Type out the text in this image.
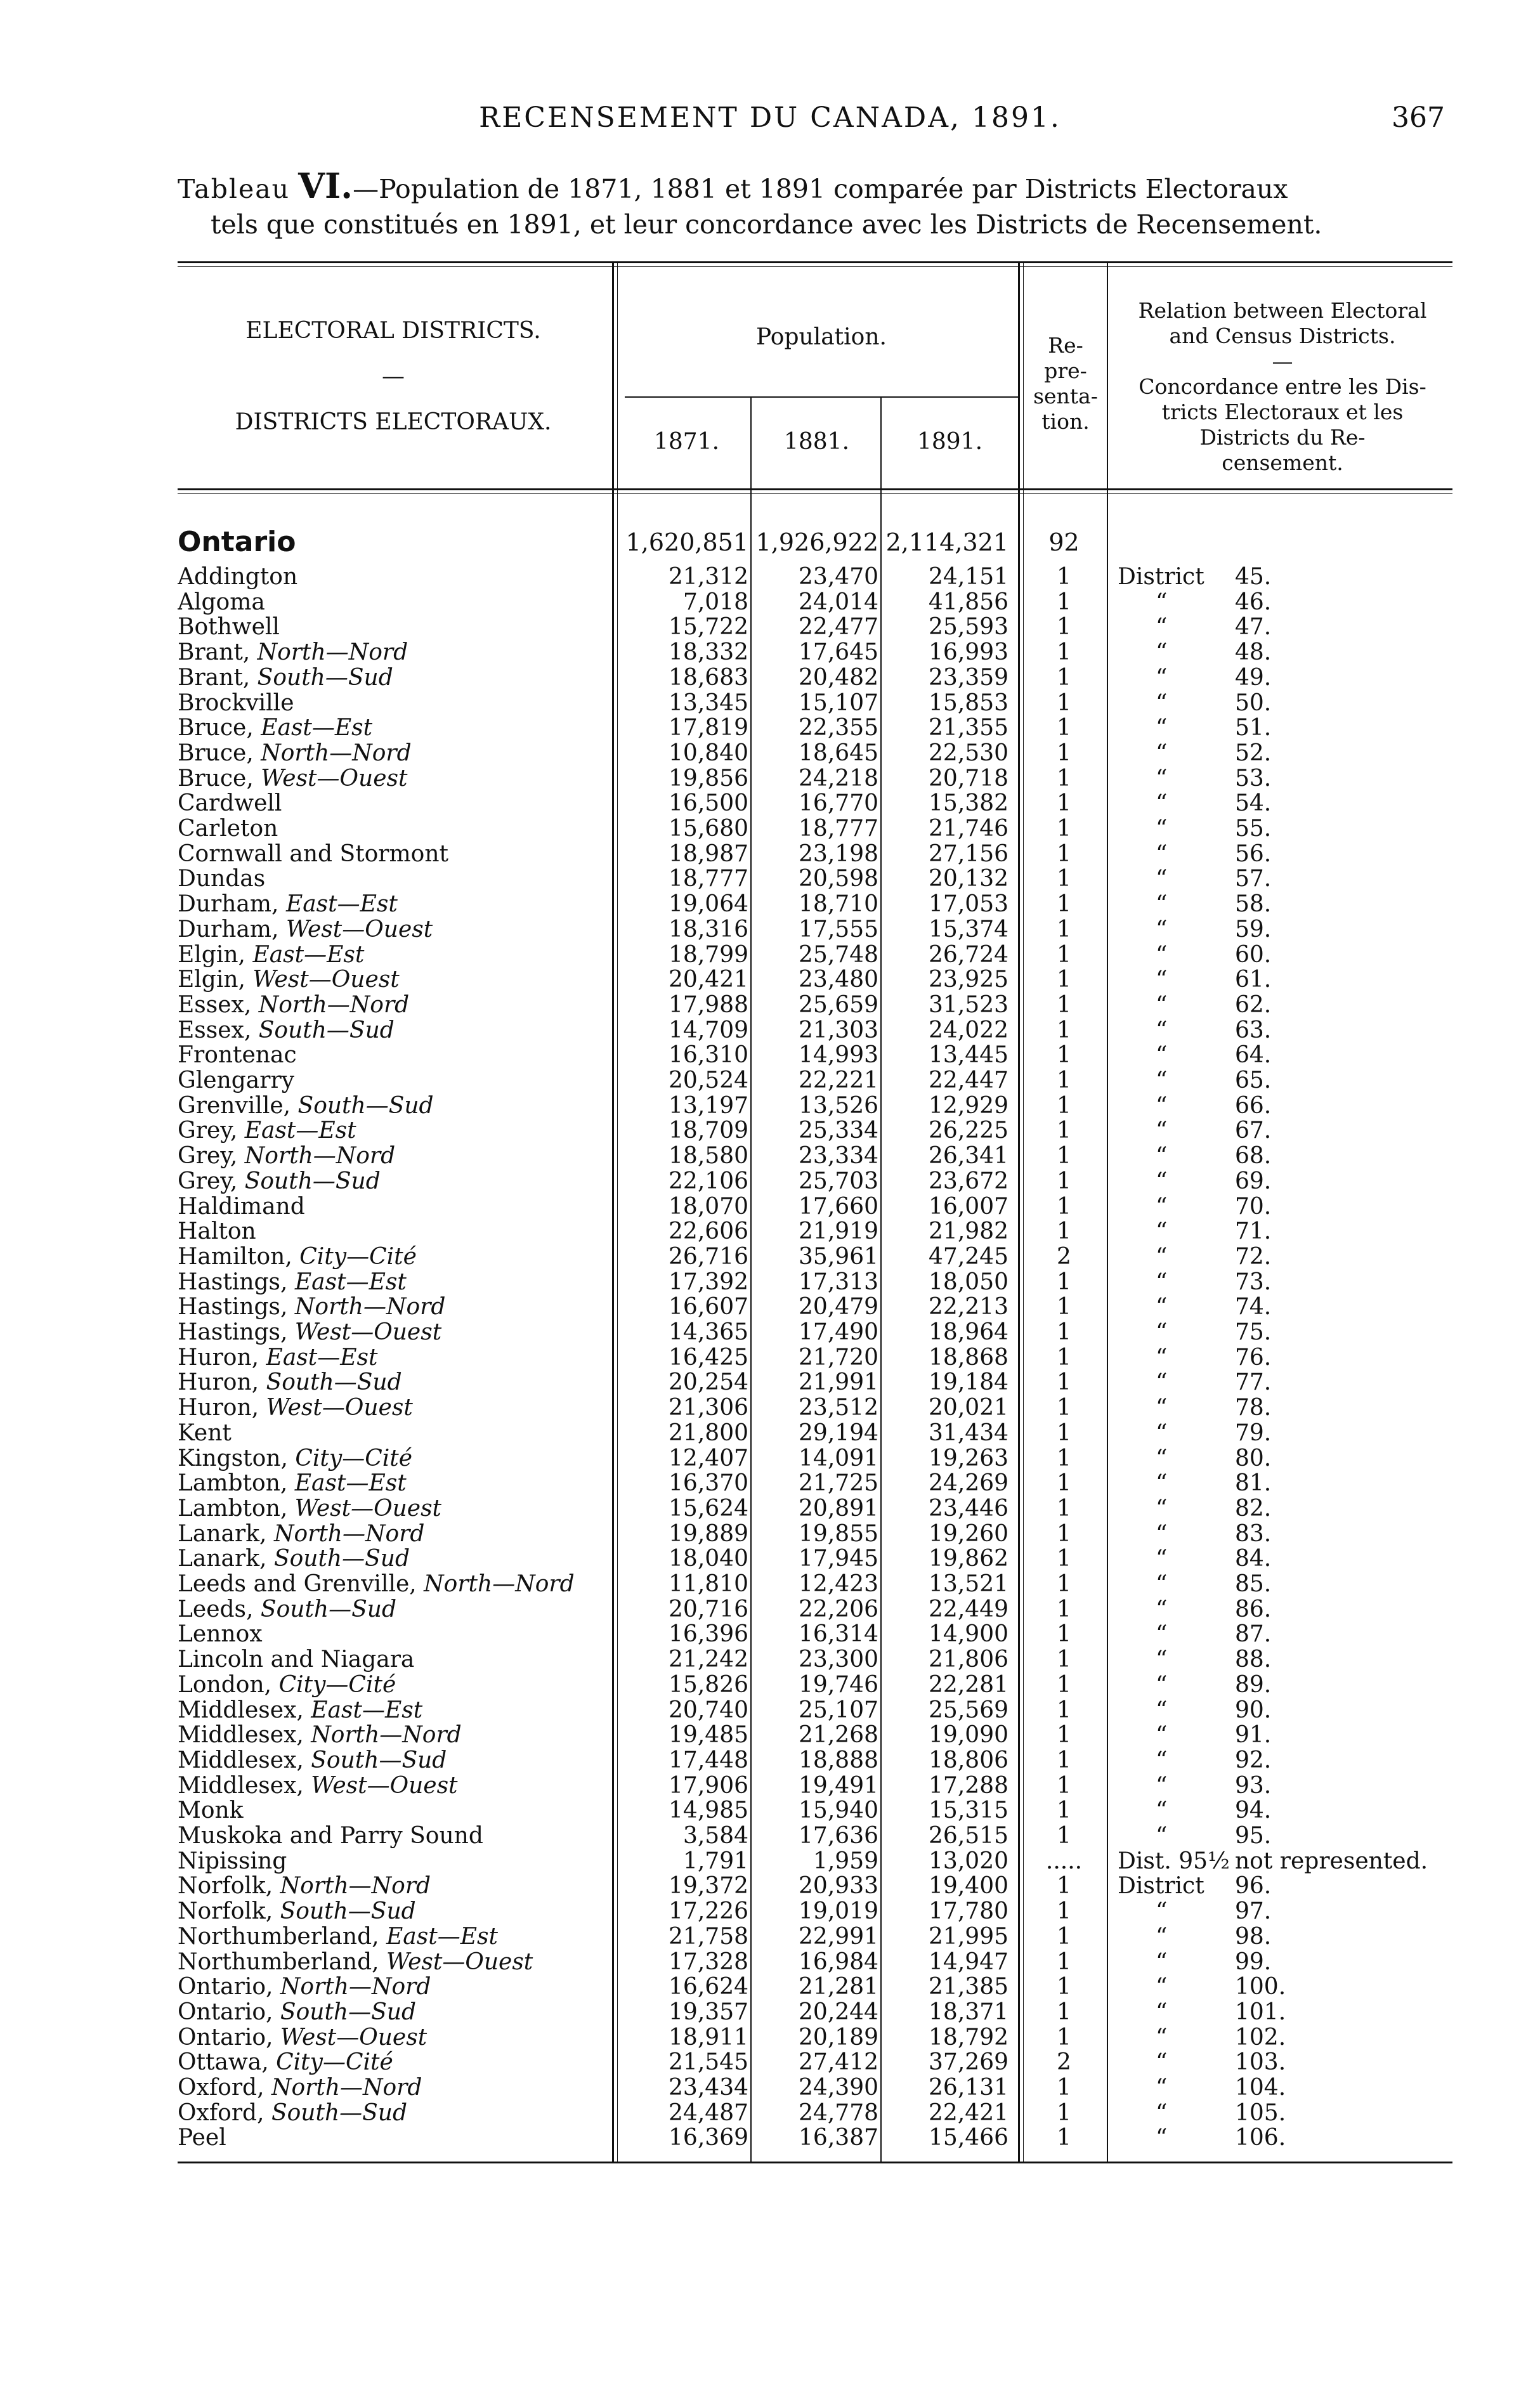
RECENSEMENT DU CANADA, 1891.	367
Tableau VI.—Population de 1871, 1881 et 1891 comparée par Districts Electoraux
tels que constitués en 1891, et leur concordance avec les Districts de Recensement.
ELECTORAL DISTRICTS.
—
DISTRICTS ELECTORAUX.
Population.
1871.	1881.	1891.
Re-
pre-
senta-
tion.
Relation between Electoral
and Census Districts.
—
Concordance entre les Dis-
tricts Electoraux et les
Districts du Re-
censement.
Ontario . . .	1,620,851 1,926,922 2,114,321	92
Addington . . .	21,312	23,470	24,151	1	District 45.
Algoma . . .	7,018	24,014	41,856	1	“	46.
Bothwell . . .	15,722	22,477	25,593	1	“	47.
Brant, North—Nord . . .	18,332	17,645	16,993	1	“	48.
Brant, South—Sud . . .	18,683	20,482	23,359	1	“	49.
Brockville . . .	13,345	15,107	15,853	1	“	50.
Bruce, East—Est . . .	17,819	22,355	21,355	1	“	51.
Bruce, North—Nord . . .	10,840	18,645	22,530	1	“	52.
Bruce, West—Ouest . . .	19,856	24,218	20,718	1	“	53.
Cardwell . . .	16,500	16,770	15,382	1	“	54.
Carleton . . .	15,680	18,777	21,746	1	“	55.
Cornwall and Stormont . . .	18,987	23,198	27,156	1	“	56.
Dundas . . .	18,777	20,598	20,132	1	“	57.
Durham, East—Est . . .	19,064	18,710	17,053	1	“	58.
Durham, West—Ouest . . .	18,316	17,555	15,374	1	“	59.
Elgin, East—Est . . .	18,799	25,748	26,724	1	“	60.
Elgin, West—Ouest . . .	20,421	23,480	23,925	1	“	61.
Essex, North—Nord . . .	17,988	25,659	31,523	1	“	62.
Essex, South—Sud . . .	14,709	21,303	24,022	1	“	63.
Frontenac . . .	16,310	14,993	13,445	1	“	64.
Glengarry . . .	20,524	22,221	22,447	1	“	65.
Grenville, South—Sud . . .	13,197	13,526	12,929	1	“	66.
Grey, East—Est . . .	18,709	25,334	26,225	1	“	67.
Grey, North—Nord . . .	18,580	23,334	26,341	1	“	68.
Grey, South—Sud . . .	22,106	25,703	23,672	1	“	69.
Haldimand . . .	18,070	17,660	16,007	1	“	70.
Halton . . .	22,606	21,919	21,982	1	“	71.
Hamilton, City—Cité . . .	26,716	35,961	47,245	2	“	72.
Hastings, East—Est . . .	17,392	17,313	18,050	1	“	73.
Hastings, North—Nord . . .	16,607	20,479	22,213	1	“	74.
Hastings, West—Ouest . . .	14,365	17,490	18,964	1	“	75.
Huron, East—Est . . .	16,425	21,720	18,868	1	“	76.
Huron, South—Sud . . .	20,254	21,991	19,184	1	“	77.
Huron, West—Ouest . . .	21,306	23,512	20,021	1	“	78.
Kent . . .	21,800	29,194	31,434	1	“	79.
Kingston, City—Cité . . .	12,407	14,091	19,263	1	“	80.
Lambton, East—Est . . .	16,370	21,725	24,269	1	“	81.
Lambton, West—Ouest . . .	15,624	20,891	23,446	1	“	82.
Lanark, North—Nord . . .	19,889	19,855	19,260	1	“	83.
Lanark, South—Sud . . .	18,040	17,945	19,862	1	“	84.
Leeds and Grenville, North—Nord . . .	11,810	12,423	13,521	1	“	85.
Leeds, South—Sud . . .	20,716	22,206	22,449	1	“	86.
Lennox . . .	16,396	16,314	14,900	1	“	87.
Lincoln and Niagara . . .	21,242	23,300	21,806	1	“	88.
London, City—Cité . . .	15,826	19,746	22,281	1	“	89.
Middlesex, East—Est . . .	20,740	25,107	25,569	1	“	90.
Middlesex, North—Nord . . .	19,485	21,268	19,090	1	“	91.
Middlesex, South—Sud . . .	17,448	18,888	18,806	1	“	92.
Middlesex, West—Ouest . . .	17,906	19,491	17,288	1	“	93.
Monk . . .	14,985	15,940	15,315	1	“	94.
Muskoka and Parry Sound . . .	3,584	17,636	26,515	1	“	95.
Nipissing . . .	1,791	1,959	13,020	.....	Dist. 95½ not represented.
Norfolk, North—Nord . . .	19,372	20,933	19,400	1	District 96.
Norfolk, South—Sud . . .	17,226	19,019	17,780	1	“	97.
Northumberland, East—Est . . .	21,758	22,991	21,995	1	“	98.
Northumberland, West—Ouest . . .	17,328	16,984	14,947	1	“	99.
Ontario, North—Nord . . .	16,624	21,281	21,385	1	“	100.
Ontario, South—Sud . . .	19,357	20,244	18,371	1	“	101.
Ontario, West—Ouest . . .	18,911	20,189	18,792	1	“	102.
Ottawa, City—Cité . . .	21,545	27,412	37,269	2	“	103.
Oxford, North—Nord . . .	23,434	24,390	26,131	1	“	104.
Oxford, South—Sud . . .	24,487	24,778	22,421	1	“	105.
Peel . . .	16,369	16,387	15,466	1	“	106.
